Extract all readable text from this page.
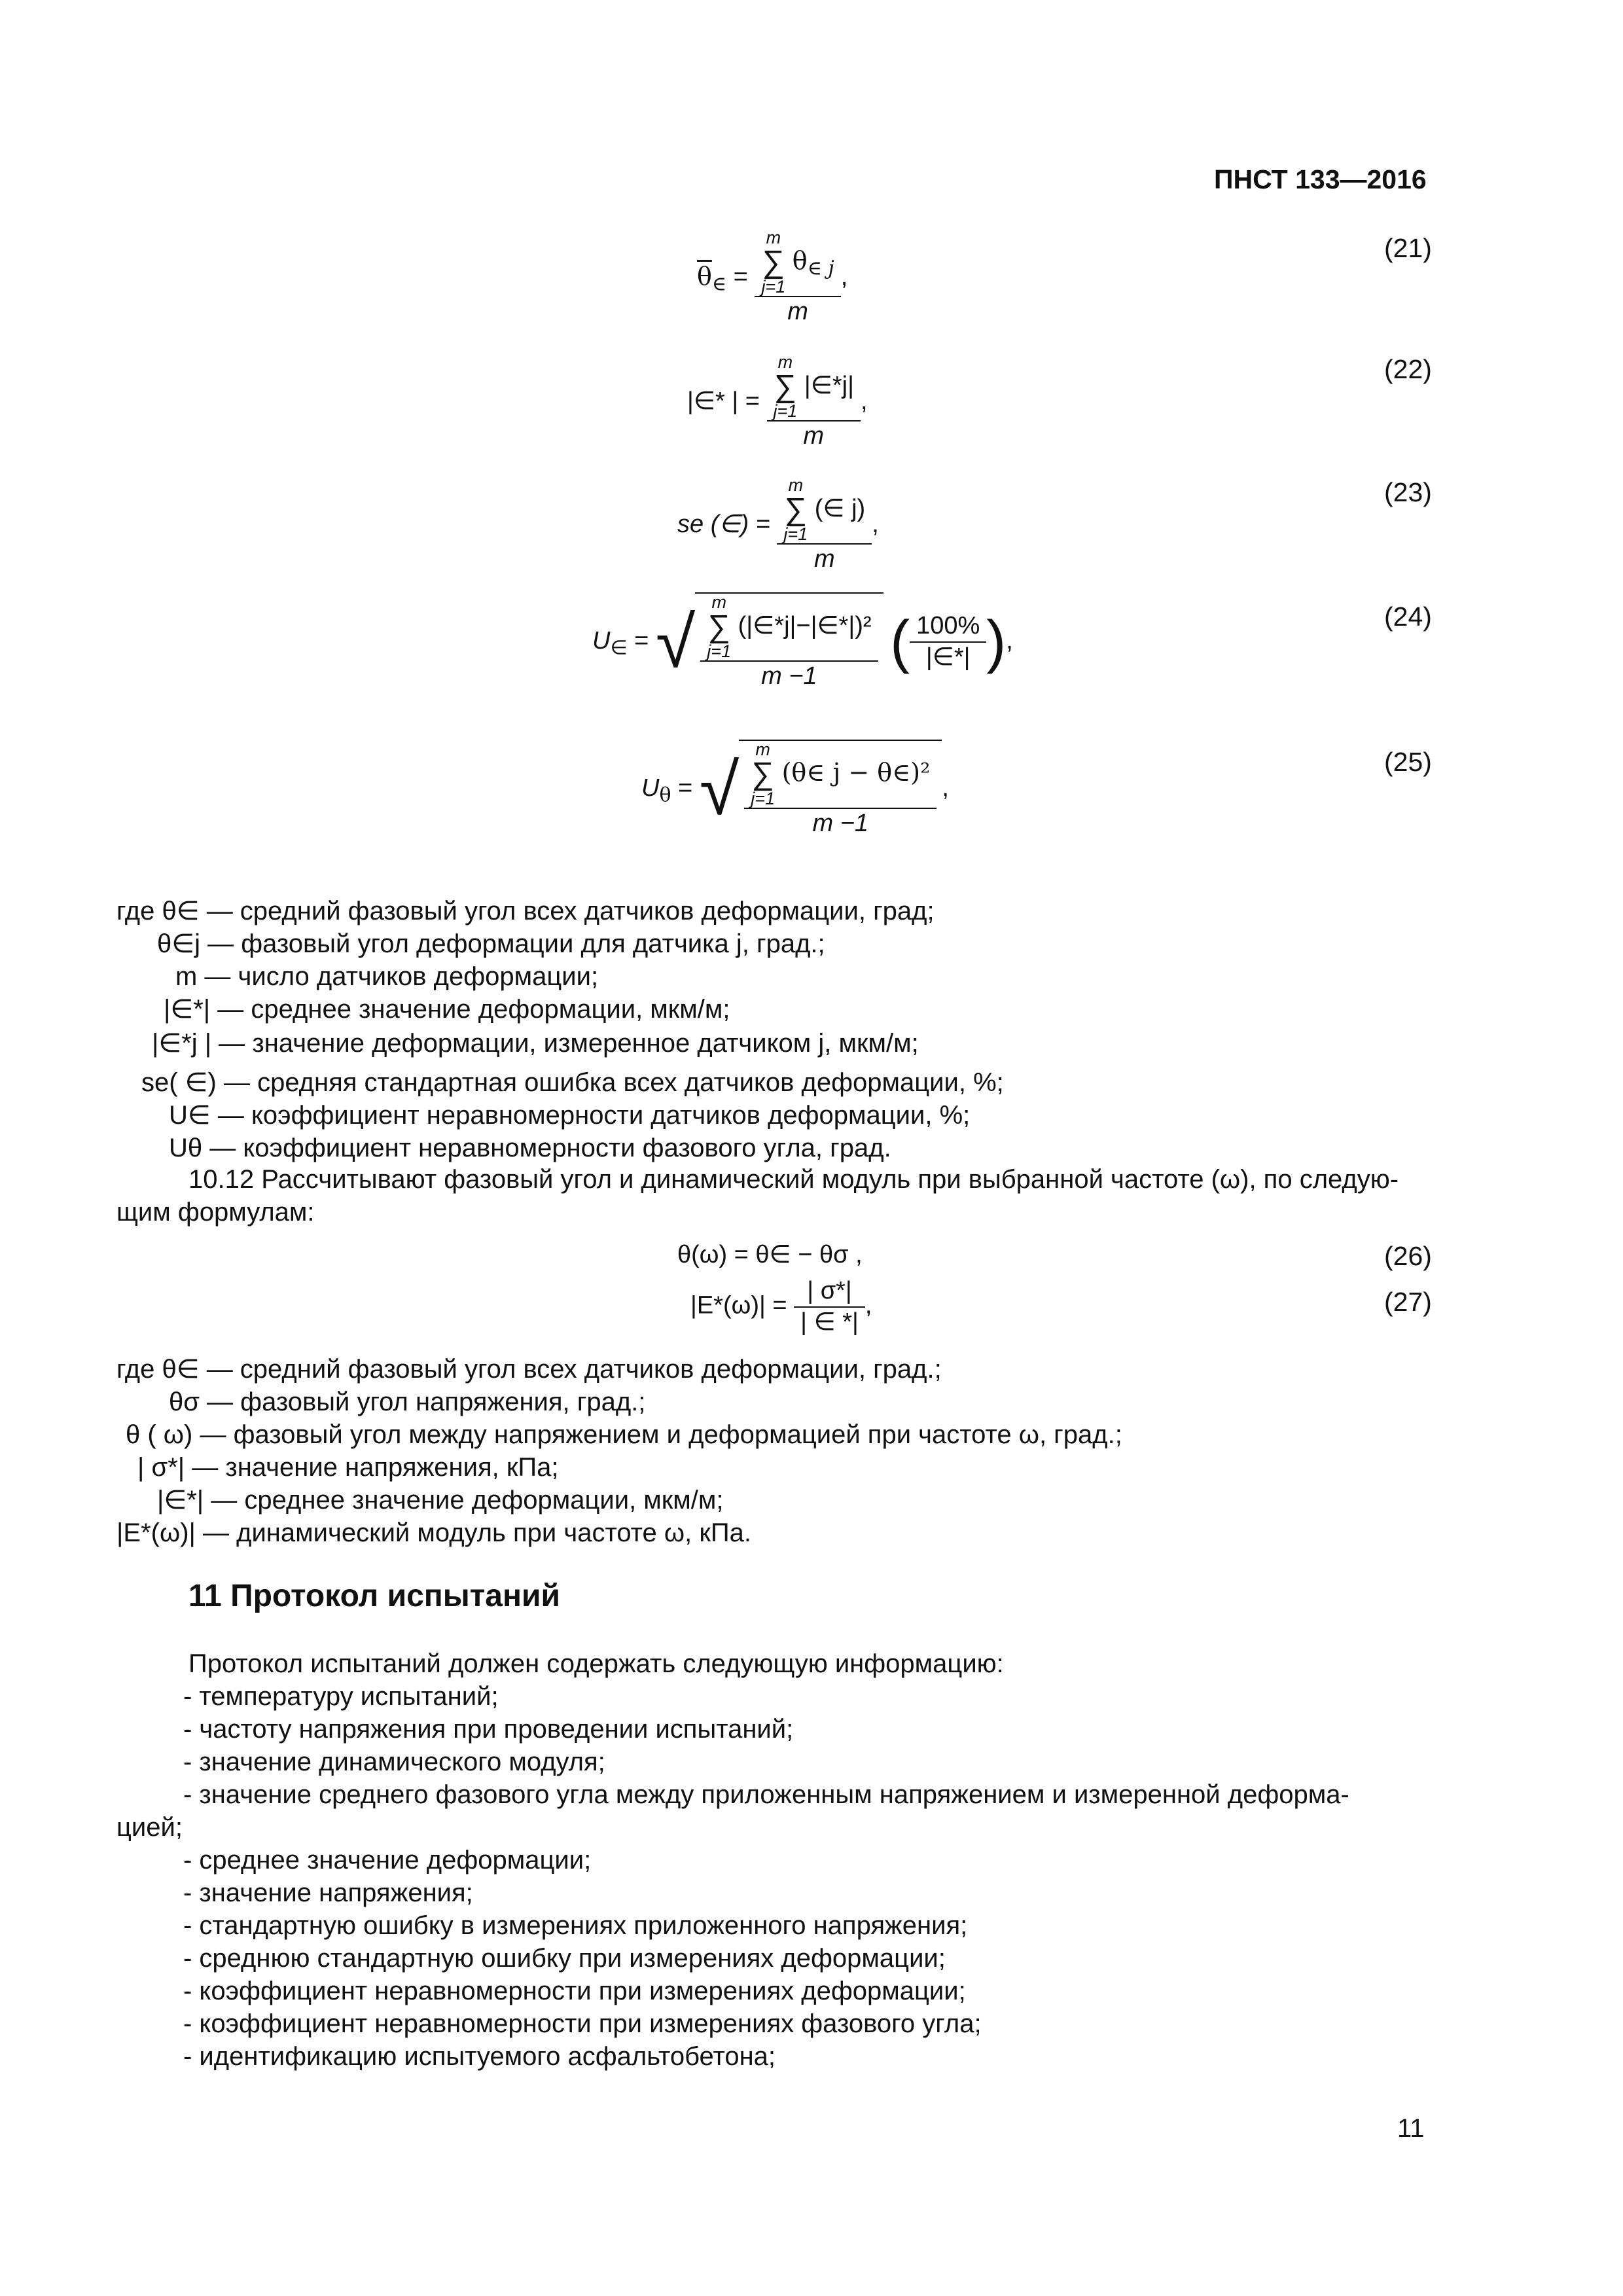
ПНСТ 133—2016
(21)
(22)
(23)
(24)
(25)
(26)
(27)
$\overline{\theta}_\in = m$
∑
j=1
$\theta_{\in j}$
m ,
|∈* | = m
∑
j=1
|∈*j|
m ,
se (∈) = m
∑
j=1
(∈ j)
m ,
$U_\in$ = √ m
∑
j=1
(|∈*j|−|∈*|)²
m −1 ( $\frac{100\%}{|\in*|}$ ),
$U_\theta$ = √ m
∑
j=1
(θ∈ j − θ∈)²
m −1 ,
где θ∈ — средний фазовый угол всех датчиков деформации, град;
θ∈j — фазовый угол деформации для датчика j, град.;
m — число датчиков деформации;
|∈*| — среднее значение деформации, мкм/м;
|∈*j | — значение деформации, измеренное датчиком j, мкм/м;
se( ∈) — средняя стандартная ошибка всех датчиков деформации, %;
U∈ — коэффициент неравномерности датчиков деформации, %;
Uθ — коэффициент неравномерности фазового угла, град.
10.12 Рассчитывают фазовый угол и динамический модуль при выбранной частоте (ω), по следую-
щим формулам:
θ(ω) = θ∈ − θσ ,
$|E*(\omega)| = \frac{| \sigma*|}{| \in *|}$ ,
где θ∈ — средний фазовый угол всех датчиков деформации, град.;
θσ — фазовый угол напряжения, град.;
θ ( ω) — фазовый угол между напряжением и деформацией при частоте ω, град.;
| σ*| — значение напряжения, кПа;
|∈*| — среднее значение деформации, мкм/м;
|E*(ω)| — динамический модуль при частоте ω, кПа.
11 Протокол испытаний
Протокол испытаний должен содержать следующую информацию:
- температуру испытаний;
- частоту напряжения при проведении испытаний;
- значение динамического модуля;
- значение среднего фазового угла между приложенным напряжением и измеренной деформа-
цией;
- среднее значение деформации;
- значение напряжения;
- стандартную ошибку в измерениях приложенного напряжения;
- среднюю стандартную ошибку при измерениях деформации;
- коэффициент неравномерности при измерениях деформации;
- коэффициент неравномерности при измерениях фазового угла;
- идентификацию испытуемого асфальтобетона;
11
